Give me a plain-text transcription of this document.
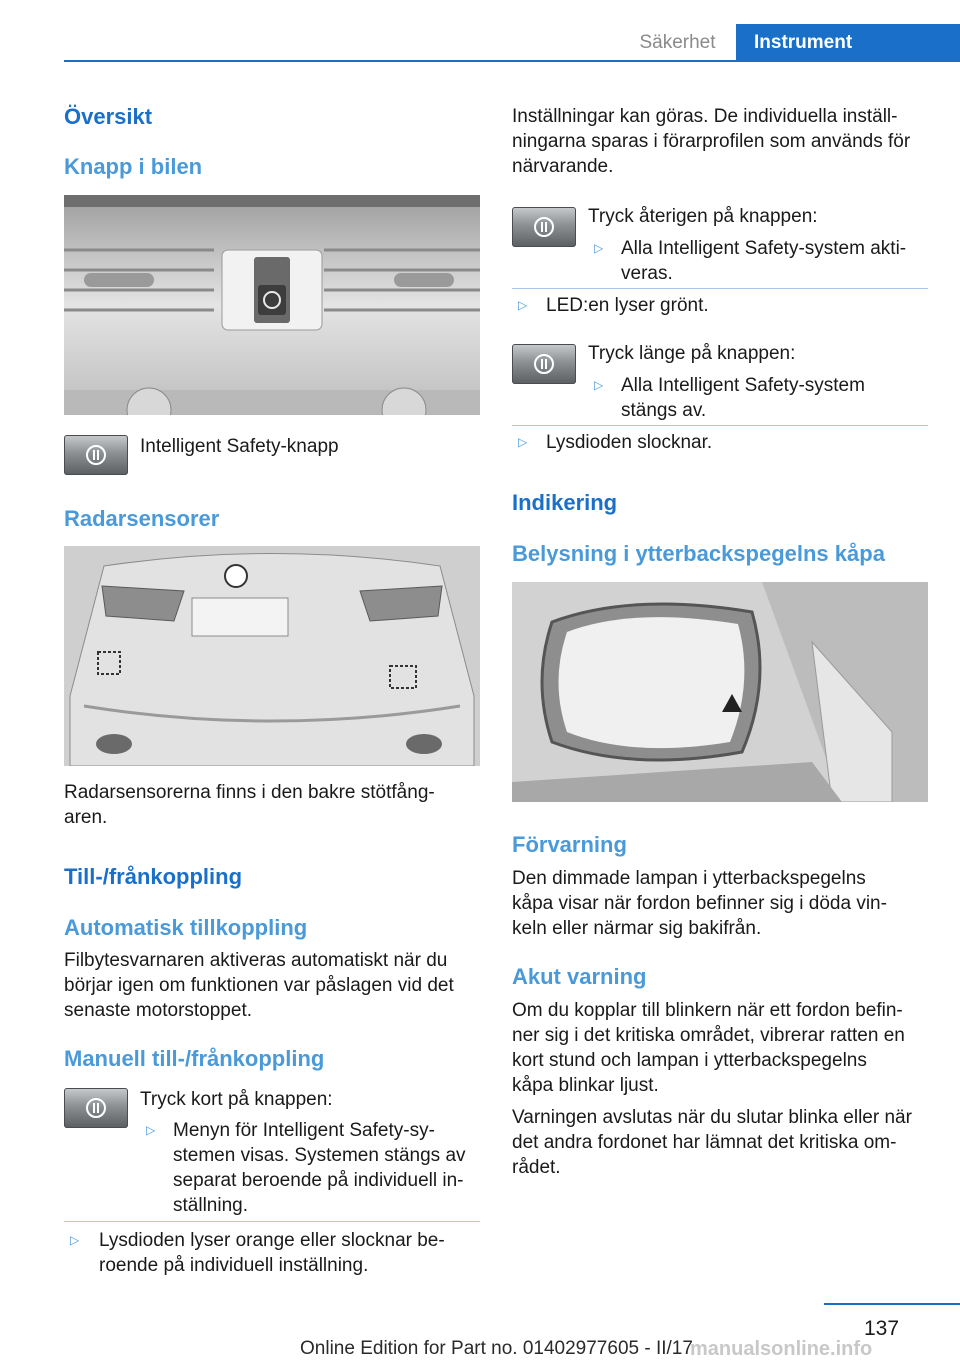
Säkerhet	Instrument
Översikt
Knapp i bilen

Intelligent Safety-knapp

Radarsensorer

Radarsensorerna finns i den bakre stötfång-

aren.

Till-/frånkoppling
Automatisk tillkoppling

Filbytesvarnaren aktiveras automatiskt när du

börjar igen om funktionen var påslagen vid det

senaste motorstoppet.

Manuell till-/frånkoppling

Tryck kort på knappen:

▷ Menyn för Intelligent Safety-sy-

stemen visas. Systemen stängs av

separat beroende på individuell in-

ställning.

▷ Lysdioden lyser orange eller slocknar be-

roende på individuell inställning.

Inställningar kan göras. De individuella inställ-

ningarna sparas i förarprofilen som används för

närvarande.

Tryck återigen på knappen:

▷ Alla Intelligent Safety-system akti-

veras.

▷ LED:en lyser grönt.

Tryck länge på knappen:

▷ Alla Intelligent Safety-system

stängs av.

▷ Lysdioden slocknar.

Indikering
Belysning i ytterbackspegelns kåpa
Förvarning

Den dimmade lampan i ytterbackspegelns

kåpa visar när fordon befinner sig i döda vin-

keln eller närmar sig bakifrån.

Akut varning

Om du kopplar till blinkern när ett fordon befin-

ner sig i det kritiska området, vibrerar ratten en

kort stund och lampan i ytterbackspegelns

kåpa blinkar ljust.

Varningen avslutas när du slutar blinka eller när

det andra fordonet har lämnat det kritiska om-

rådet.

137
Online Edition for Part no. 01402977605 - II/17
manualsonline.info
